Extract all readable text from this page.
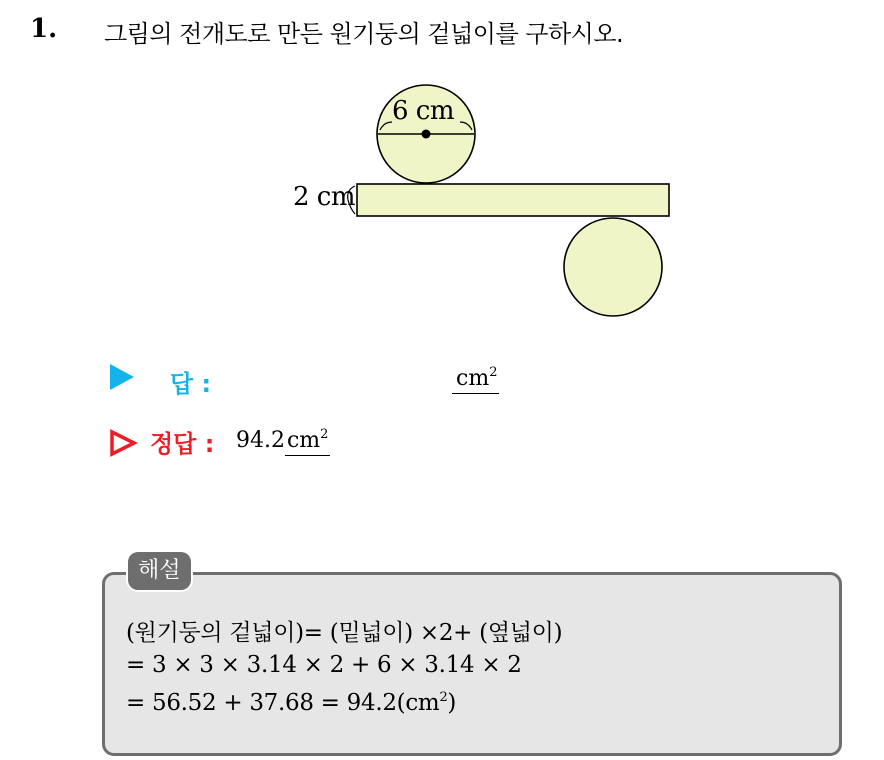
1. 그림의 전개도로 만든 원기둥의 겉넓이를 구하시오.
6 cm
2 cm
답 :	$cm^2$
정답 : $94.2cm^2$
해설
(원기둥의 겉넓이)= (밑넓이) ×2+ (옆넓이)
= 3 × 3 × 3.14 × 2 + 6 × 3.14 × 2
= $56.52 + 37.68 = 94.2(cm^2)$
